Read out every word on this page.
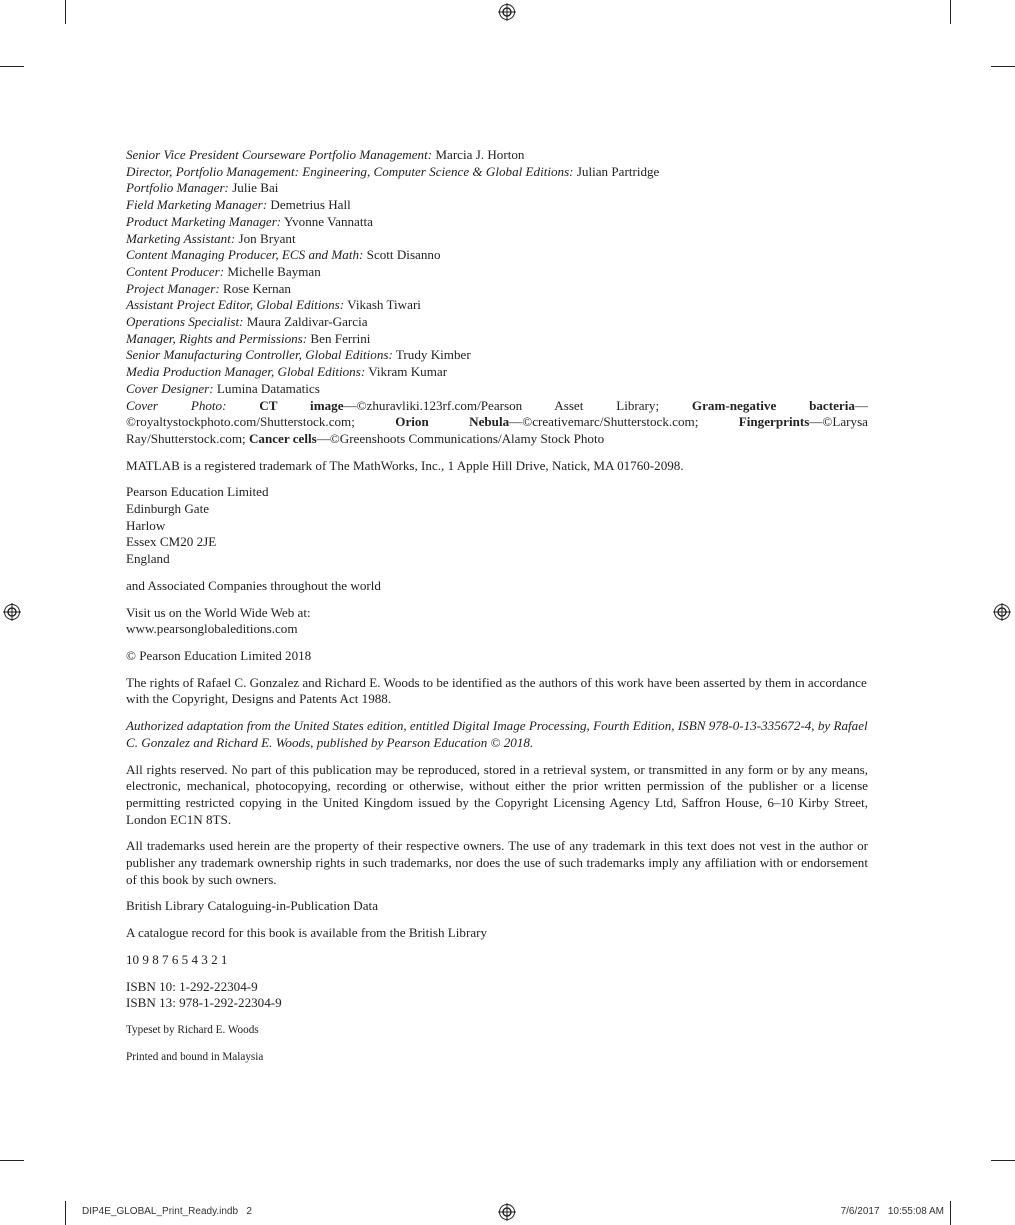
Senior Vice President Courseware Portfolio Management: Marcia J. Horton

Director, Portfolio Management: Engineering, Computer Science & Global Editions: Julian Partridge

Portfolio Manager: Julie Bai

Field Marketing Manager: Demetrius Hall

Product Marketing Manager: Yvonne Vannatta

Marketing Assistant: Jon Bryant

Content Managing Producer, ECS and Math: Scott Disanno

Content Producer: Michelle Bayman

Project Manager: Rose Kernan

Assistant Project Editor, Global Editions: Vikash Tiwari

Operations Specialist: Maura Zaldivar-Garcia

Manager, Rights and Permissions: Ben Ferrini

Senior Manufacturing Controller, Global Editions: Trudy Kimber

Media Production Manager, Global Editions: Vikram Kumar

Cover Designer: Lumina Datamatics

Cover Photo:	CT image—©zhuravliki.123rf.com/Pearson Asset Library;	Gram-negative bacteria—©royaltystockphoto.com/Shutterstock.com;	Orion Nebula—©creativemarc/Shutterstock.com;	Fingerprints—©Larysa Ray/Shutterstock.com; Cancer cells—©Greenshoots Communications/Alamy Stock Photo

MATLAB is a registered trademark of The MathWorks, Inc., 1 Apple Hill Drive, Natick, MA 01760-2098.

Pearson Education Limited

Edinburgh Gate

Harlow

Essex CM20 2JE

England

and Associated Companies throughout the world

Visit us on the World Wide Web at:

www.pearsonglobaleditions.com

© Pearson Education Limited 2018

The rights of Rafael C. Gonzalez and Richard E. Woods to be identified as the authors of this work have been asserted by them in accordance with the Copyright, Designs and Patents Act 1988.

Authorized adaptation from the United States edition, entitled Digital Image Processing, Fourth Edition, ISBN 978-0-13-335672-4, by Rafael C. Gonzalez and Richard E. Woods, published by Pearson Education © 2018.

All rights reserved. No part of this publication may be reproduced, stored in a retrieval system, or transmitted in any form or by any means, electronic, mechanical, photocopying, recording or otherwise, without either the prior written permission of the publisher or a license permitting restricted copying in the United Kingdom issued by the Copyright Licensing Agency Ltd, Saffron House, 6–10 Kirby Street, London EC1N 8TS.

All trademarks used herein are the property of their respective owners. The use of any trademark in this text does not vest in the author or publisher any trademark ownership rights in such trademarks, nor does the use of such trademarks imply any affiliation with or endorsement of this book by such owners.

British Library Cataloguing-in-Publication Data

A catalogue record for this book is available from the British Library

10 9 8 7 6 5 4 3 2 1

ISBN 10: 1-292-22304-9

ISBN 13: 978-1-292-22304-9

Typeset by Richard E. Woods

Printed and bound in Malaysia

DIP4E_GLOBAL_Print_Ready.indb   2	7/6/2017   10:55:08 AM
